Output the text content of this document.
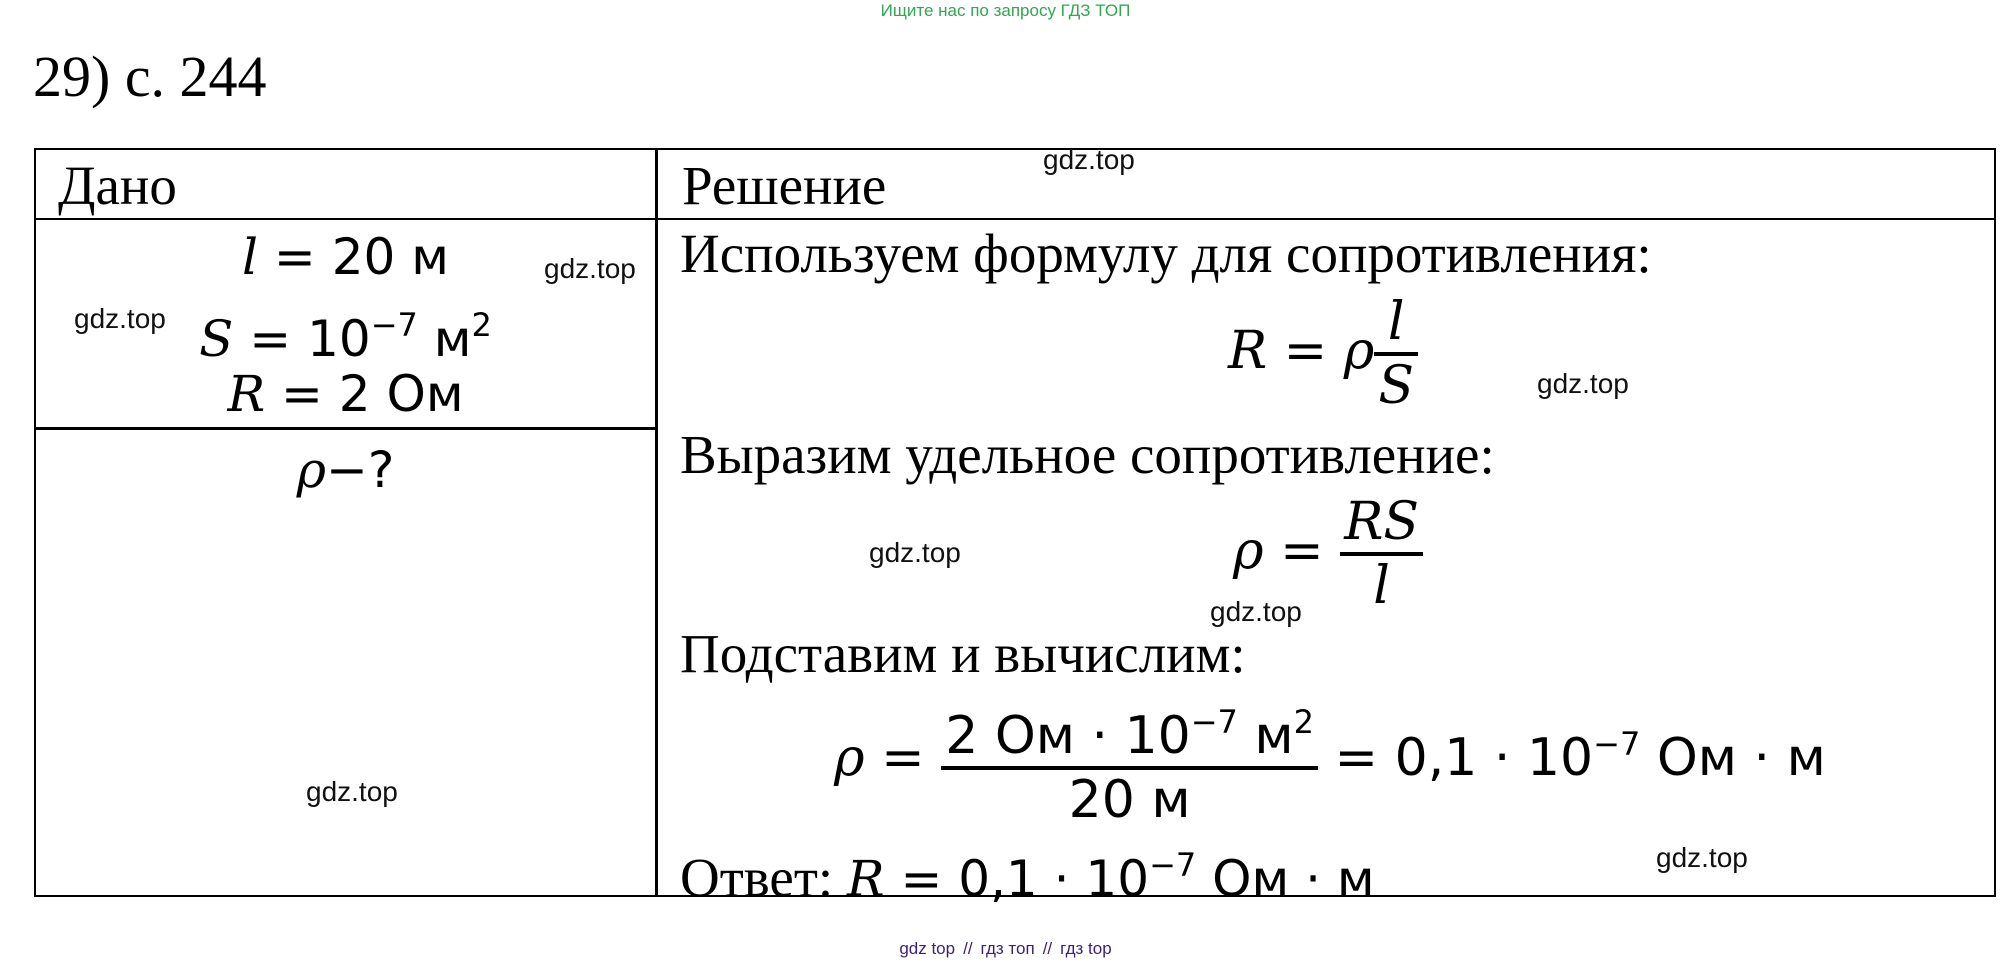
Ищите нас по запросу ГДЗ ТОП
29) с. 244
Дано	Решение
l = 20 м
$S = 10^{-7}$ $м^2$
R = 2 Ом
ρ−?
Используем формулу для сопротивления:
R = ρ $\frac{l}{S}$
Выразим удельное сопротивление:
$\rho = \frac{RS}{l}$
Подставим и вычислим:
$\rho = \frac{2 Ом \cdot 10^{-7} м^2}{20 м} = 0,1 \cdot 10^{-7}$ Ом · м
Ответ: $R = 0,1 \cdot 10^{-7}$ Ом · м
gdz.top
gdz.top
gdz.top
gdz.top
gdz.top
gdz.top
gdz.top
gdz.top
gdz top // гдз топ // гдз top
